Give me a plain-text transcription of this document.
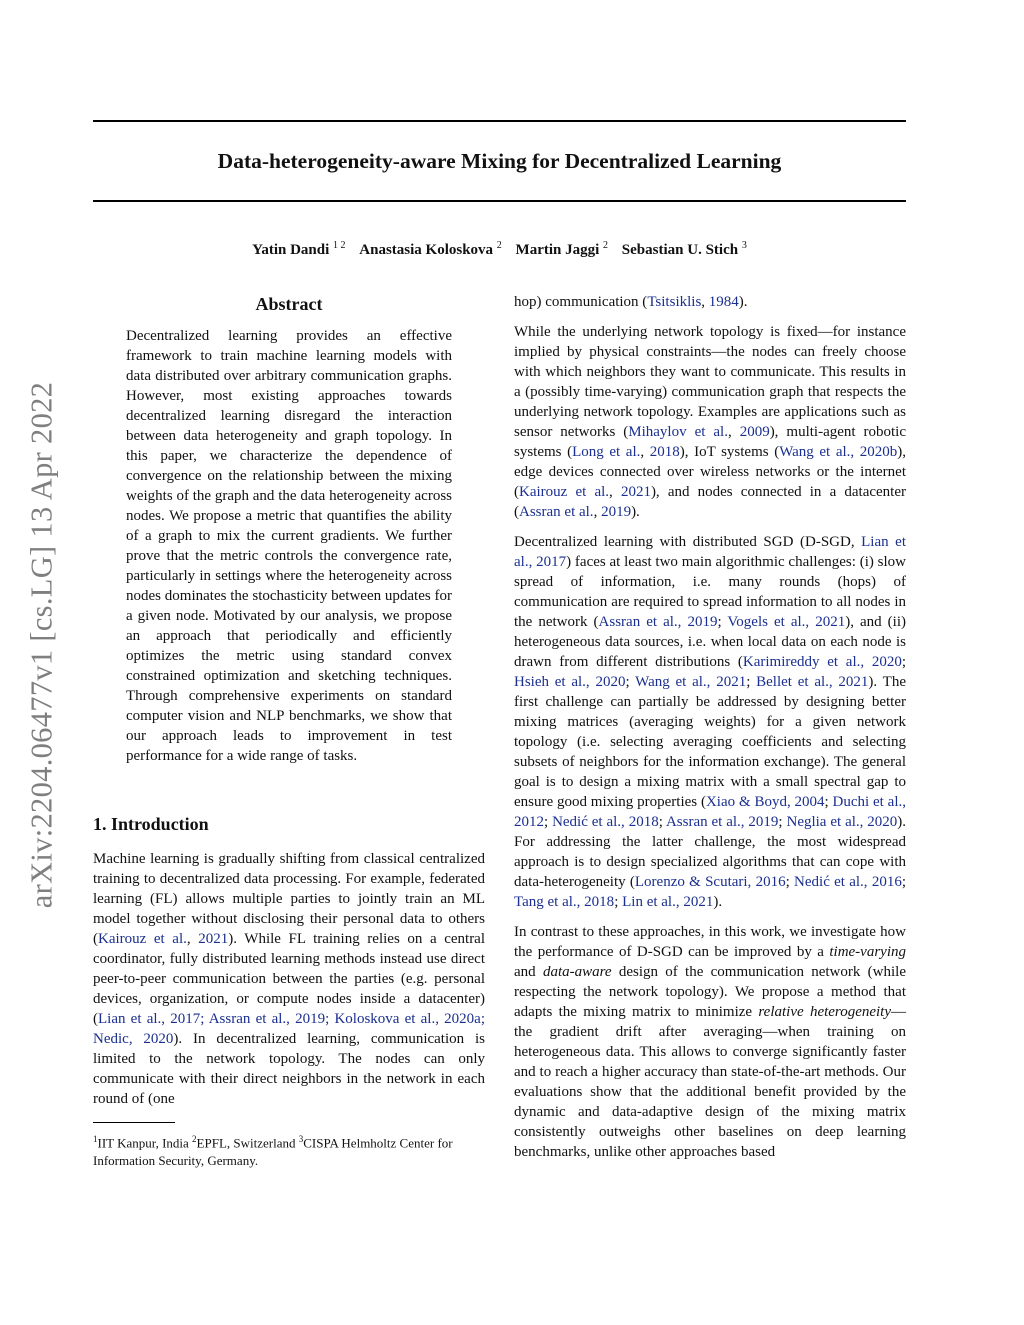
Data-heterogeneity-aware Mixing for Decentralized Learning
Yatin Dandi $^{1 2}$ Anastasia Koloskova $^2$ Martin Jaggi $^2$ Sebastian U. Stich $^3$
arXiv:2204.06477v1 [cs.LG] 13 Apr 2022
Abstract

Decentralized learning provides an effective framework to train machine learning models with data distributed over arbitrary communication graphs. However, most existing approaches towards decentralized learning disregard the interaction between data heterogeneity and graph topology. In this paper, we characterize the dependence of convergence on the relationship between the mixing weights of the graph and the data heterogeneity across nodes. We propose a metric that quantifies the ability of a graph to mix the current gradients. We further prove that the metric controls the convergence rate, particularly in settings where the heterogeneity across nodes dominates the stochasticity between updates for a given node. Motivated by our analysis, we propose an approach that periodically and efficiently optimizes the metric using standard convex constrained optimization and sketching techniques. Through comprehensive experiments on standard computer vision and NLP benchmarks, we show that our approach leads to improvement in test performance for a wide range of tasks.

1. Introduction

Machine learning is gradually shifting from classical centralized training to decentralized data processing. For example, federated learning (FL) allows multiple parties to jointly train an ML model together without disclosing their personal data to others (Kairouz et al., 2021). While FL training relies on a central coordinator, fully distributed learning methods instead use direct peer-to-peer communication between the parties (e.g. personal devices, organization, or compute nodes inside a datacenter) (Lian et al., 2017; Assran et al., 2019; Koloskova et al., 2020a; Nedic, 2020). In decentralized learning, communication is limited to the network topology. The nodes can only communicate with their direct neighbors in the network in each round of (one

$^1$IIT Kanpur, India $^2$EPFL, Switzerland $^3$CISPA Helmholtz Center for Information Security, Germany.

hop) communication (Tsitsiklis, 1984).

While the underlying network topology is fixed—for instance implied by physical constraints—the nodes can freely choose with which neighbors they want to communicate. This results in a (possibly time-varying) communication graph that respects the underlying network topology. Examples are applications such as sensor networks (Mihaylov et al., 2009), multi-agent robotic systems (Long et al., 2018), IoT systems (Wang et al., 2020b), edge devices connected over wireless networks or the internet (Kairouz et al., 2021), and nodes connected in a datacenter (Assran et al., 2019).

Decentralized learning with distributed SGD (D-SGD, Lian et al., 2017) faces at least two main algorithmic challenges: (i) slow spread of information, i.e. many rounds (hops) of communication are required to spread information to all nodes in the network (Assran et al., 2019; Vogels et al., 2021), and (ii) heterogeneous data sources, i.e. when local data on each node is drawn from different distributions (Karimireddy et al., 2020; Hsieh et al., 2020; Wang et al., 2021; Bellet et al., 2021). The first challenge can partially be addressed by designing better mixing matrices (averaging weights) for a given network topology (i.e. selecting averaging coefficients and selecting subsets of neighbors for the information exchange). The general goal is to design a mixing matrix with a small spectral gap to ensure good mixing properties (Xiao & Boyd, 2004; Duchi et al., 2012; Nedić et al., 2018; Assran et al., 2019; Neglia et al., 2020). For addressing the latter challenge, the most widespread approach is to design specialized algorithms that can cope with data-heterogeneity (Lorenzo & Scutari, 2016; Nedić et al., 2016; Tang et al., 2018; Lin et al., 2021).

In contrast to these approaches, in this work, we investigate how the performance of D-SGD can be improved by a time-varying and data-aware design of the communication network (while respecting the network topology). We propose a method that adapts the mixing matrix to minimize relative heterogeneity—the gradient drift after averaging—when training on heterogeneous data. This allows to converge significantly faster and to reach a higher accuracy than state-of-the-art methods. Our evaluations show that the additional benefit provided by the dynamic and data-adaptive design of the mixing matrix consistently outweighs other baselines on deep learning benchmarks, unlike other approaches based
